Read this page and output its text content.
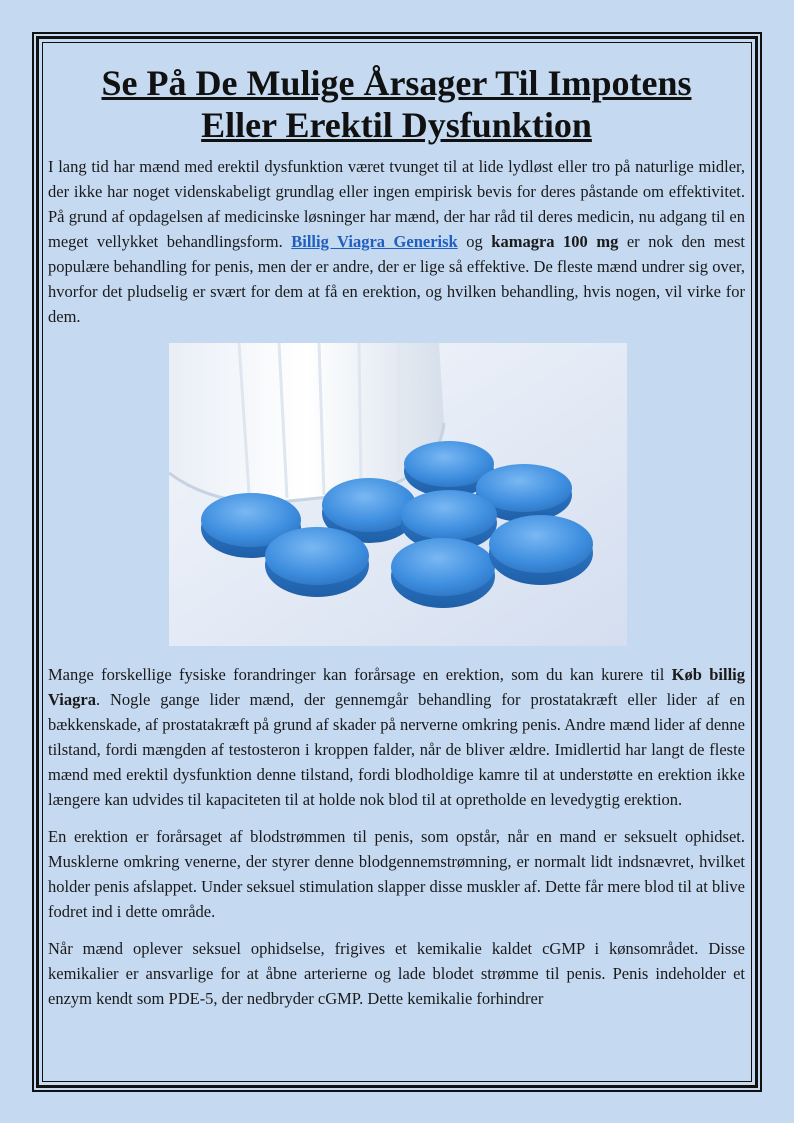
Se På De Mulige Årsager Til Impotens
Eller Erektil Dysfunktion

I lang tid har mænd med erektil dysfunktion været tvunget til at lide lydløst eller tro på naturlige midler, der ikke har noget videnskabeligt grundlag eller ingen empirisk bevis for deres påstande om effektivitet. På grund af opdagelsen af medicinske løsninger har mænd, der har råd til deres medicin, nu adgang til en meget vellykket behandlingsform. Billig Viagra Generisk og kamagra 100 mg er nok den mest populære behandling for penis, men der er andre, der er lige så effektive. De fleste mænd undrer sig over, hvorfor det pludselig er svært for dem at få en erektion, og hvilken behandling, hvis nogen, vil virke for dem.

Mange forskellige fysiske forandringer kan forårsage en erektion, som du kan kurere til Køb billig Viagra. Nogle gange lider mænd, der gennemgår behandling for prostatakræft eller lider af en bækkenskade, af prostatakræft på grund af skader på nerverne omkring penis. Andre mænd lider af denne tilstand, fordi mængden af testosteron i kroppen falder, når de bliver ældre. Imidlertid har langt de fleste mænd med erektil dysfunktion denne tilstand, fordi blodholdige kamre til at understøtte en erektion ikke længere kan udvides til kapaciteten til at holde nok blod til at opretholde en levedygtig erektion.

En erektion er forårsaget af blodstrømmen til penis, som opstår, når en mand er seksuelt ophidset. Musklerne omkring venerne, der styrer denne blodgennemstrømning, er normalt lidt indsnævret, hvilket holder penis afslappet. Under seksuel stimulation slapper disse muskler af. Dette får mere blod til at blive fodret ind i dette område.

Når mænd oplever seksuel ophidselse, frigives et kemikalie kaldet cGMP i kønsområdet. Disse kemikalier er ansvarlige for at åbne arterierne og lade blodet strømme til penis. Penis indeholder et enzym kendt som PDE-5, der nedbryder cGMP. Dette kemikalie forhindrer
